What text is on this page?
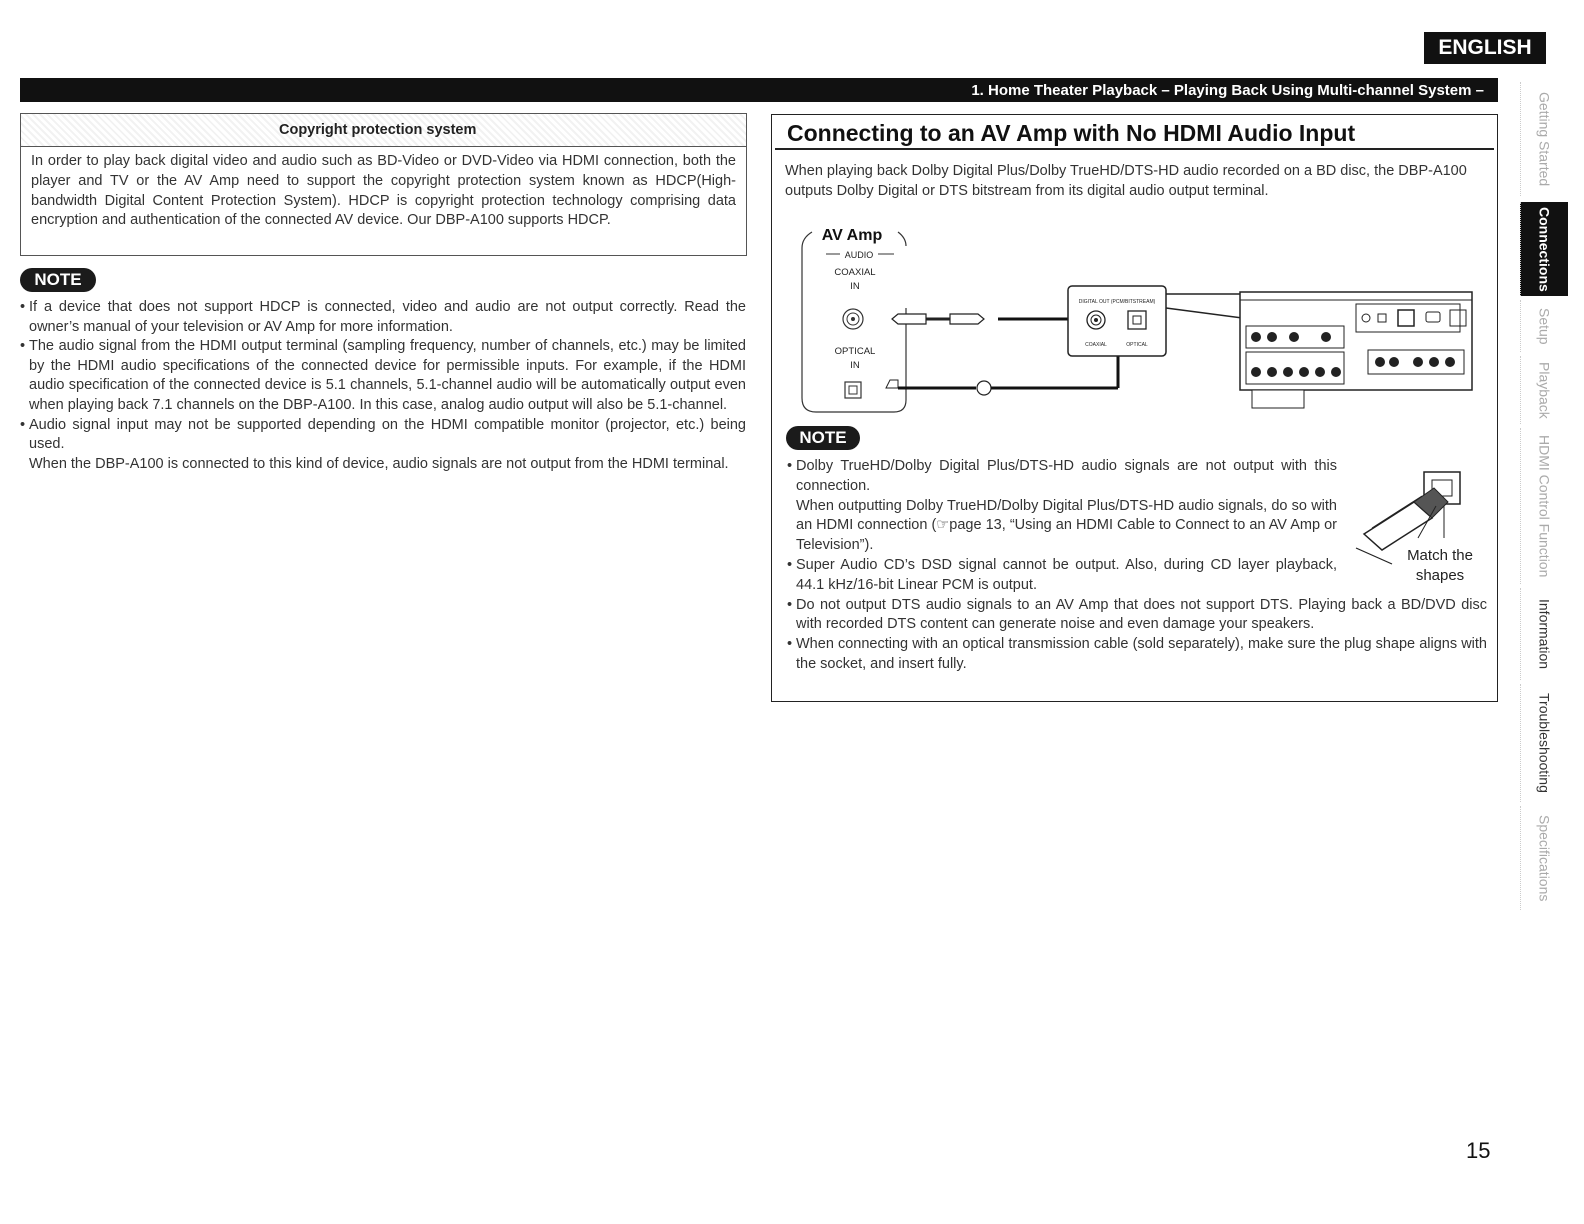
ENGLISH
1. Home Theater Playback – Playing Back Using Multi-channel System –
Copyright protection system
In order to play back digital video and audio such as BD-Video or DVD-Video via HDMI connection, both the player and TV or the AV Amp need to support the copyright protection system known as HDCP(High-bandwidth Digital Content Protection System). HDCP is copyright protection technology comprising data encryption and authentication of the connected AV device. Our DBP-A100 supports HDCP.
NOTE
• If a device that does not support HDCP is connected, video and audio are not output correctly. Read the owner’s manual of your television or AV Amp for more information.
• The audio signal from the HDMI output terminal (sampling frequency, number of channels, etc.) may be limited by the HDMI audio specifications of the connected device for permissible inputs. For example, if the HDMI audio specification of the connected device is 5.1 channels, 5.1-channel audio will be automatically output even when playing back 7.1 channels on the DBP-A100. In this case, analog audio output will also be 5.1-channel.
• Audio signal input may not be supported depending on the HDMI compatible monitor (projector, etc.) being used.
When the DBP-A100 is connected to this kind of device, audio signals are not output from the HDMI terminal.
Connecting to an AV Amp with No HDMI Audio Input
When playing back Dolby Digital Plus/Dolby TrueHD/DTS-HD audio recorded on a BD disc, the DBP-A100 outputs Dolby Digital or DTS bitstream from its digital audio output terminal.
AV Amp
AUDIO
COAXIAL
IN
OPTICAL
IN
DIGITAL OUT (PCM/BITSTREAM)
COAXIAL	OPTICAL
NOTE
• Dolby TrueHD/Dolby Digital Plus/DTS-HD audio signals are not output with this connection.
When outputting Dolby TrueHD/Dolby Digital Plus/DTS-HD audio signals, do so with an HDMI connection (☞page 13, “Using an HDMI Cable to Connect to an AV Amp or Television”).
• Super Audio CD’s DSD signal cannot be output. Also, during CD layer playback, 44.1 kHz/16-bit Linear PCM is output.
• Do not output DTS audio signals to an AV Amp that does not support DTS. Playing back a BD/DVD disc with recorded DTS content can generate noise and even damage your speakers.
• When connecting with an optical transmission cable (sold separately), make sure the plug shape aligns with the socket, and insert fully.
Match the shapes
Getting Started
Connections
Setup
Playback
HDMI Control Function
Information
Troubleshooting
Specifications
15
